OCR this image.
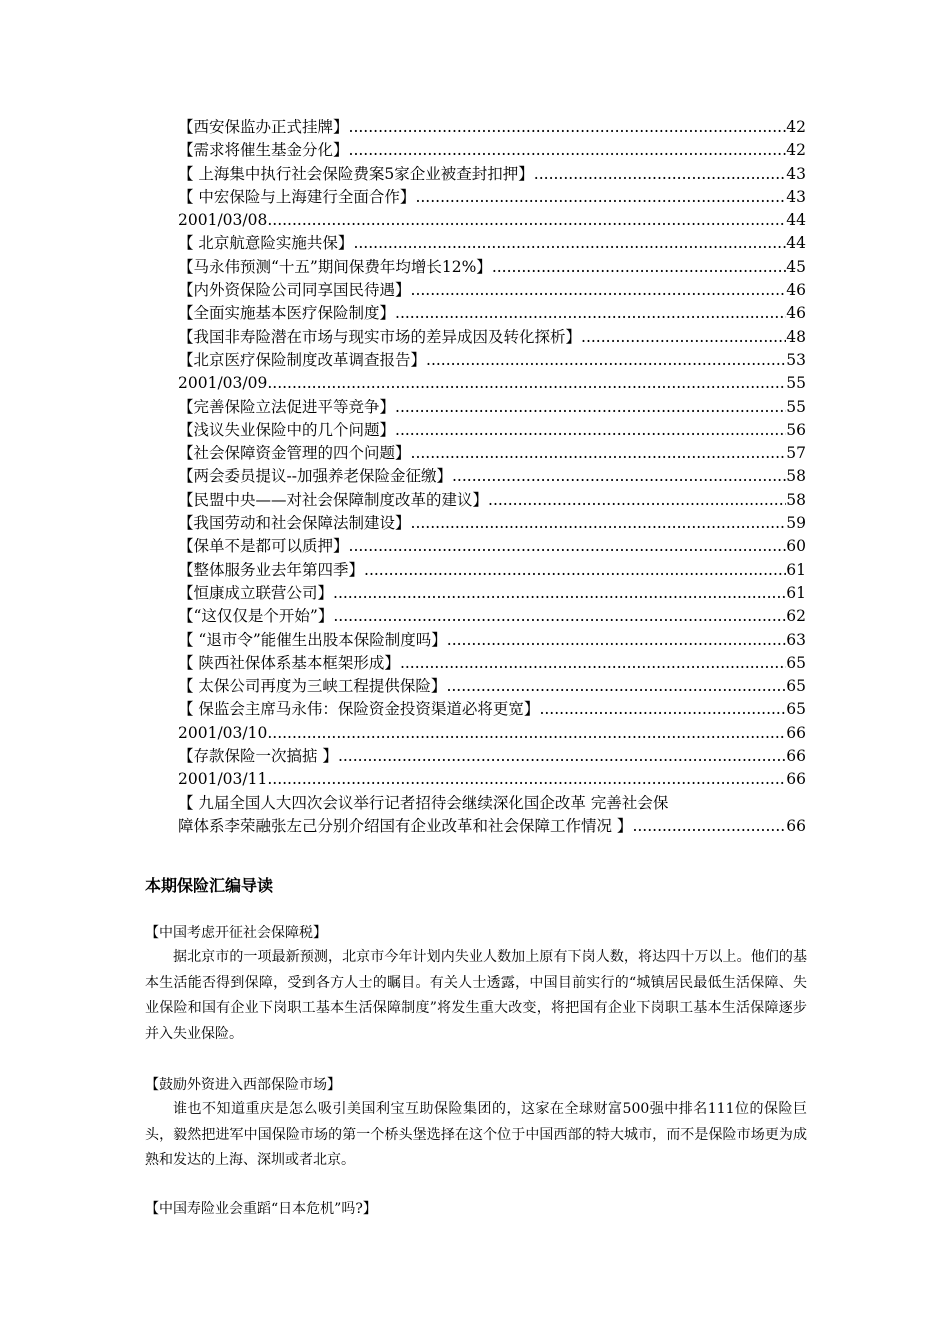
【西安保监办正式挂牌】 .....	42
【需求将催生基金分化】 .....	42
【 上海集中执行社会保险费案5家企业被查封扣押】 .....	43
【 中宏保险与上海建行全面合作】 .....	43
2001/03/08 .....	44
【 北京航意险实施共保】 .....	44
【马永伟预测“十五”期间保费年均增长12%】 .....	45
【内外资保险公司同享国民待遇】 .....	46
【全面实施基本医疗保险制度】 .....	46
【我国非寿险潜在市场与现实市场的差异成因及转化探析】 .....	48
【北京医疗保险制度改革调查报告】 .....	53
2001/03/09 .....	55
【完善保险立法促进平等竞争】 .....	55
【浅议失业保险中的几个问题】 .....	56
【社会保障资金管理的四个问题】 .....	57
【两会委员提议--加强养老保险金征缴】 .....	58
【民盟中央——对社会保障制度改革的建议】 .....	58
【我国劳动和社会保障法制建设】 .....	59
【保单不是都可以质押】 .....	60
【整体服务业去年第四季】 .....	61
【恒康成立联营公司】 .....	61
【“这仅仅是个开始”】 .....	62
【 “退市令”能催生出股本保险制度吗】 .....	63
【 陕西社保体系基本框架形成】 .....	65
【 太保公司再度为三峡工程提供保险】 .....	65
【 保监会主席马永伟：保险资金投资渠道必将更宽】 .....	65
2001/03/10 .....	66
【存款保险一次搞掂 】 .....	66
2001/03/11 .....	66
【 九届全国人大四次会议举行记者招待会继续深化国企改革 完善社会保
障体系李荣融张左己分别介绍国有企业改革和社会保障工作情况 】 .....	66
本期保险汇编导读
【中国考虑开征社会保障税】

据北京市的一项最新预测，北京市今年计划内失业人数加上原有下岗人数，将达四十万以上。他们的基本生活能否得到保障，受到各方人士的瞩目。有关人士透露，中国目前实行的“城镇居民最低生活保障、失业保险和国有企业下岗职工基本生活保障制度”将发生重大改变，将把国有企业下岗职工基本生活保障逐步并入失业保险。

【鼓励外资进入西部保险市场】

谁也不知道重庆是怎么吸引美国利宝互助保险集团的，这家在全球财富500强中排名111位的保险巨头，毅然把进军中国保险市场的第一个桥头堡选择在这个位于中国西部的特大城市，而不是保险市场更为成熟和发达的上海、深圳或者北京。

【中国寿险业会重蹈“日本危机”吗?】
